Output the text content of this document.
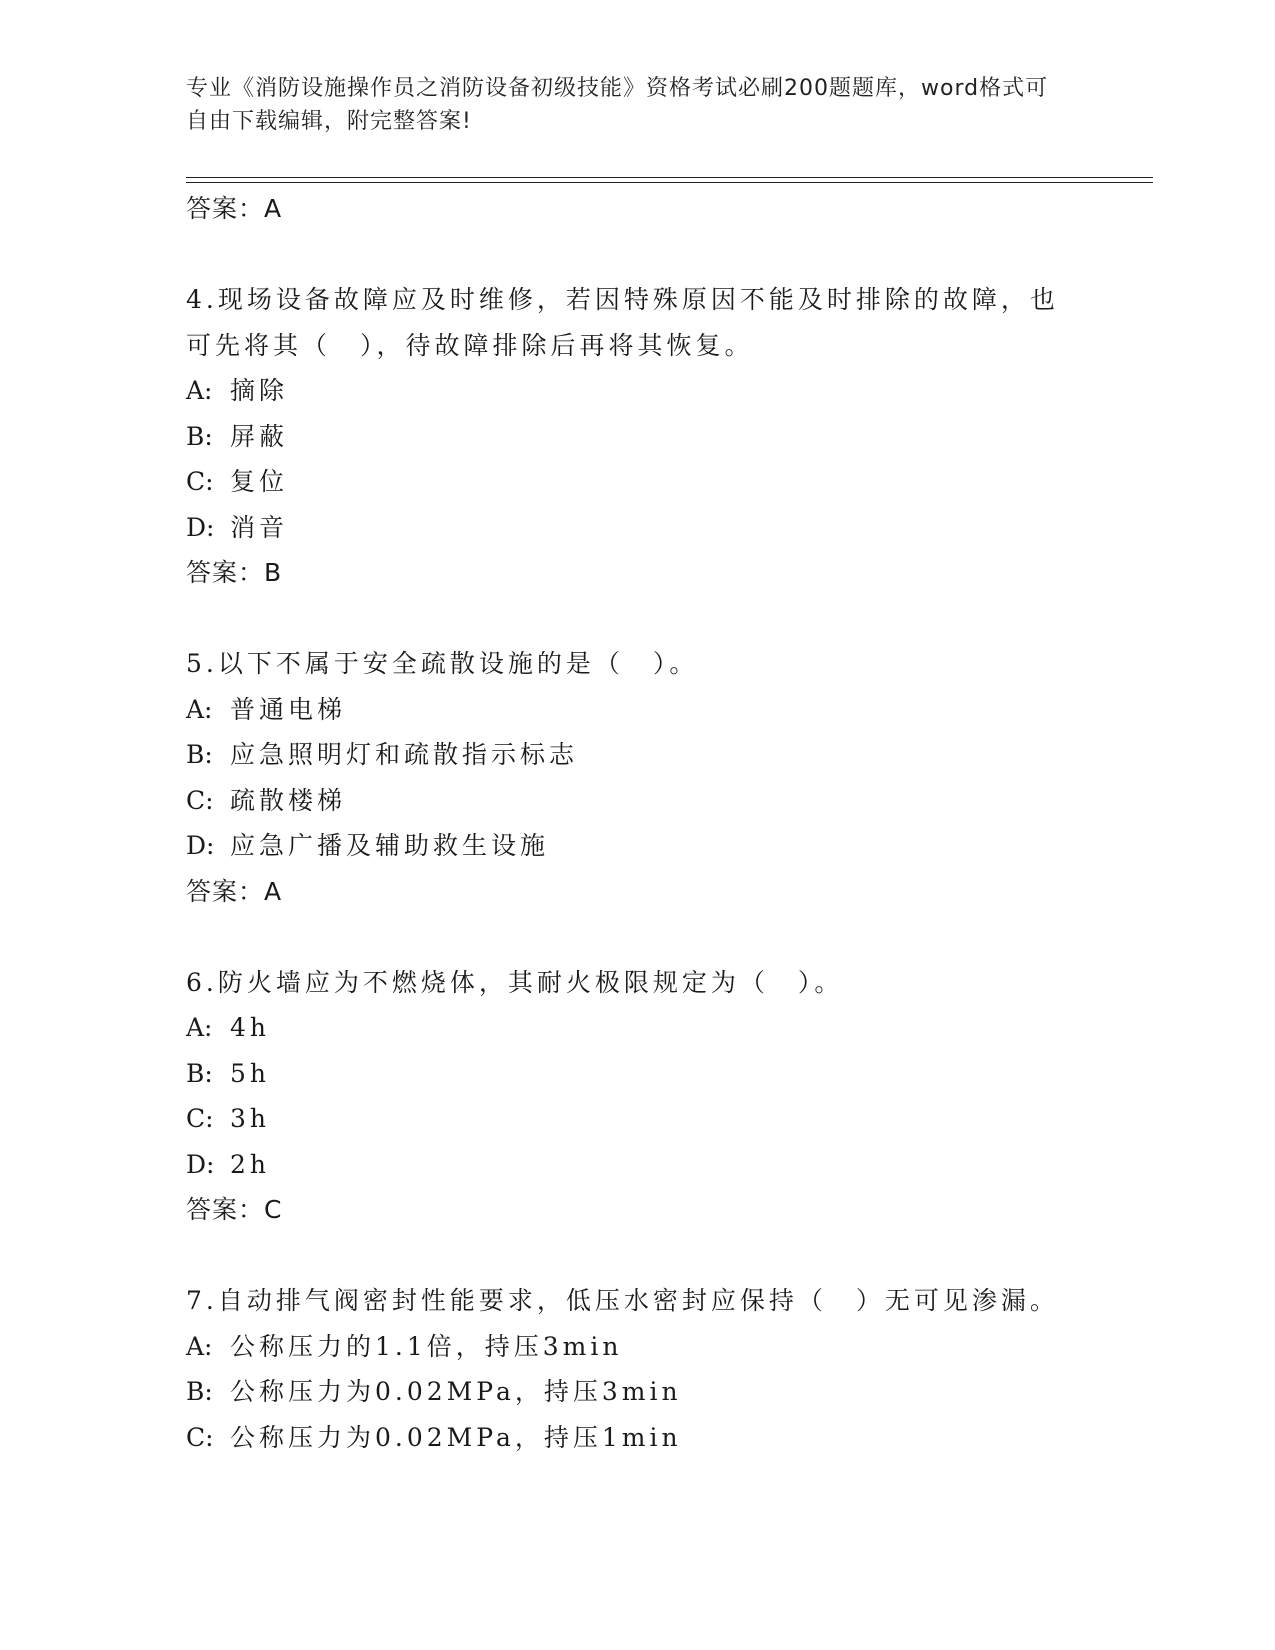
专业《消防设施操作员之消防设备初级技能》资格考试必刷200题题库，word格式可自由下载编辑，附完整答案!
答案：A
4.现场设备故障应及时维修，若因特殊原因不能及时排除的故障，也可先将其（　），待故障排除后再将其恢复。
A: 摘除
B: 屏蔽
C: 复位
D: 消音
答案：B
5.以下不属于安全疏散设施的是（　）。
A: 普通电梯
B: 应急照明灯和疏散指示标志
C: 疏散楼梯
D: 应急广播及辅助救生设施
答案：A
6.防火墙应为不燃烧体，其耐火极限规定为（　）。
A: 4h
B: 5h
C: 3h
D: 2h
答案：C
7.自动排气阀密封性能要求，低压水密封应保持（　）无可见渗漏。
A: 公称压力的1.1倍，持压3min
B: 公称压力为0.02MPa，持压3min
C: 公称压力为0.02MPa，持压1min
